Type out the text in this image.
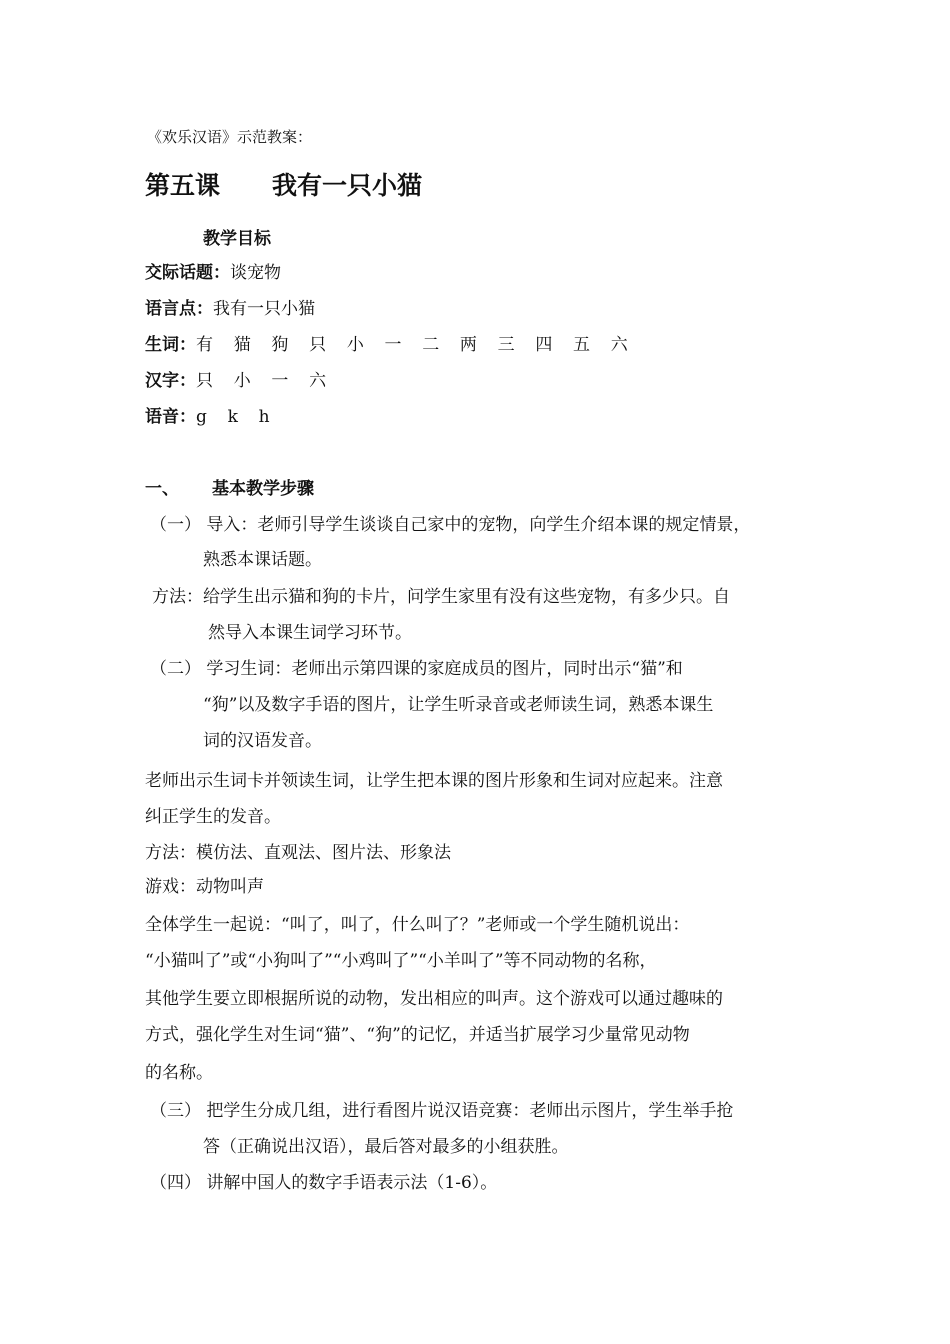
《欢乐汉语》示范教案：
第五课 我有一只小猫
教学目标
交际话题：谈宠物
语言点：我有一只小猫
生词：有 猫 狗 只 小 一 二 两 三 四 五 六
汉字：只 小 一 六
语音：g k h
一、 基本教学步骤
（一） 导入：老师引导学生谈谈自己家中的宠物，向学生介绍本课的规定情景，
熟悉本课话题。
方法：给学生出示猫和狗的卡片，问学生家里有没有这些宠物，有多少只。自
然导入本课生词学习环节。
（二） 学习生词：老师出示第四课的家庭成员的图片，同时出示“猫”和
“狗”以及数字手语的图片，让学生听录音或老师读生词，熟悉本课生
词的汉语发音。
老师出示生词卡并领读生词，让学生把本课的图片形象和生词对应起来。注意
纠正学生的发音。
方法：模仿法、直观法、图片法、形象法
游戏：动物叫声
全体学生一起说：“叫了，叫了，什么叫了？”老师或一个学生随机说出：
“小猫叫了”或“小狗叫了”“小鸡叫了”“小羊叫了”等不同动物的名称，
其他学生要立即根据所说的动物，发出相应的叫声。这个游戏可以通过趣味的
方式，强化学生对生词“猫”、“狗”的记忆，并适当扩展学习少量常见动物
的名称。
（三） 把学生分成几组，进行看图片说汉语竞赛：老师出示图片，学生举手抢
答（正确说出汉语），最后答对最多的小组获胜。
（四） 讲解中国人的数字手语表示法（1-6）。
